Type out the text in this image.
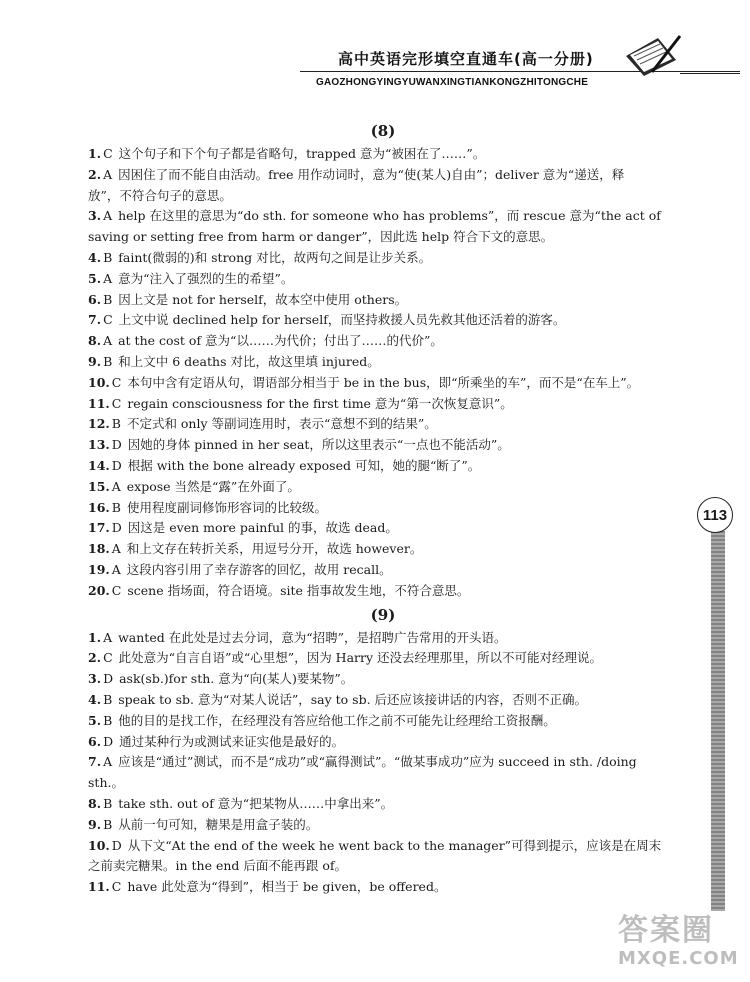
高中英语完形填空直通车(高一分册)
GAOZHONGYINGYUWANXINGTIANKONGZHITONGCHE
(8)

1. C 这个句子和下个句子都是省略句，trapped 意为“被困在了……”。

2. A 因困住了而不能自由活动。free 用作动词时，意为“使(某人)自由”；deliver 意为“递送，释

放”，不符合句子的意思。

3. A help 在这里的意思为“do sth. for someone who has problems”，而 rescue 意为“the act of

saving or setting free from harm or danger”，因此选 help 符合下文的意思。

4. B faint(微弱的)和 strong 对比，故两句之间是让步关系。

5. A 意为“注入了强烈的生的希望”。

6. B 因上文是 not for herself，故本空中使用 others。

7. C 上文中说 declined help for herself，而坚持救援人员先救其他还活着的游客。

8. A at the cost of 意为“以……为代价；付出了……的代价”。

9. B 和上文中 6 deaths 对比，故这里填 injured。

10. C 本句中含有定语从句，谓语部分相当于 be in the bus，即“所乘坐的车”，而不是“在车上”。

11. C regain consciousness for the first time 意为“第一次恢复意识”。

12. B 不定式和 only 等副词连用时，表示“意想不到的结果”。

13. D 因她的身体 pinned in her seat，所以这里表示“一点也不能活动”。

14. D 根据 with the bone already exposed 可知，她的腿“断了”。

15. A expose 当然是“露”在外面了。

16. B 使用程度副词修饰形容词的比较级。

17. D 因这是 even more painful 的事，故选 dead。

18. A 和上文存在转折关系，用逗号分开，故选 however。

19. A 这段内容引用了幸存游客的回忆，故用 recall。

20. C scene 指场面，符合语境。site 指事故发生地，不符合意思。

(9)

1. A wanted 在此处是过去分词，意为“招聘”，是招聘广告常用的开头语。

2. C 此处意为“自言自语”或“心里想”，因为 Harry 还没去经理那里，所以不可能对经理说。

3. D ask(sb.)for sth. 意为“向(某人)要某物”。

4. B speak to sb. 意为“对某人说话”，say to sb. 后还应该接讲话的内容，否则不正确。

5. B 他的目的是找工作，在经理没有答应给他工作之前不可能先让经理给工资报酬。

6. D 通过某种行为或测试来证实他是最好的。

7. A 应该是“通过”测试，而不是“成功”或“赢得测试”。“做某事成功”应为 succeed in sth. /doing

sth.。

8. B take sth. out of 意为“把某物从……中拿出来”。

9. B 从前一句可知，糖果是用盒子装的。

10. D 从下文“At the end of the week he went back to the manager”可得到提示，应该是在周末

之前卖完糖果。in the end 后面不能再跟 of。

11. C have 此处意为“得到”，相当于 be given，be offered。

113
答案圈
MXQE.COM
